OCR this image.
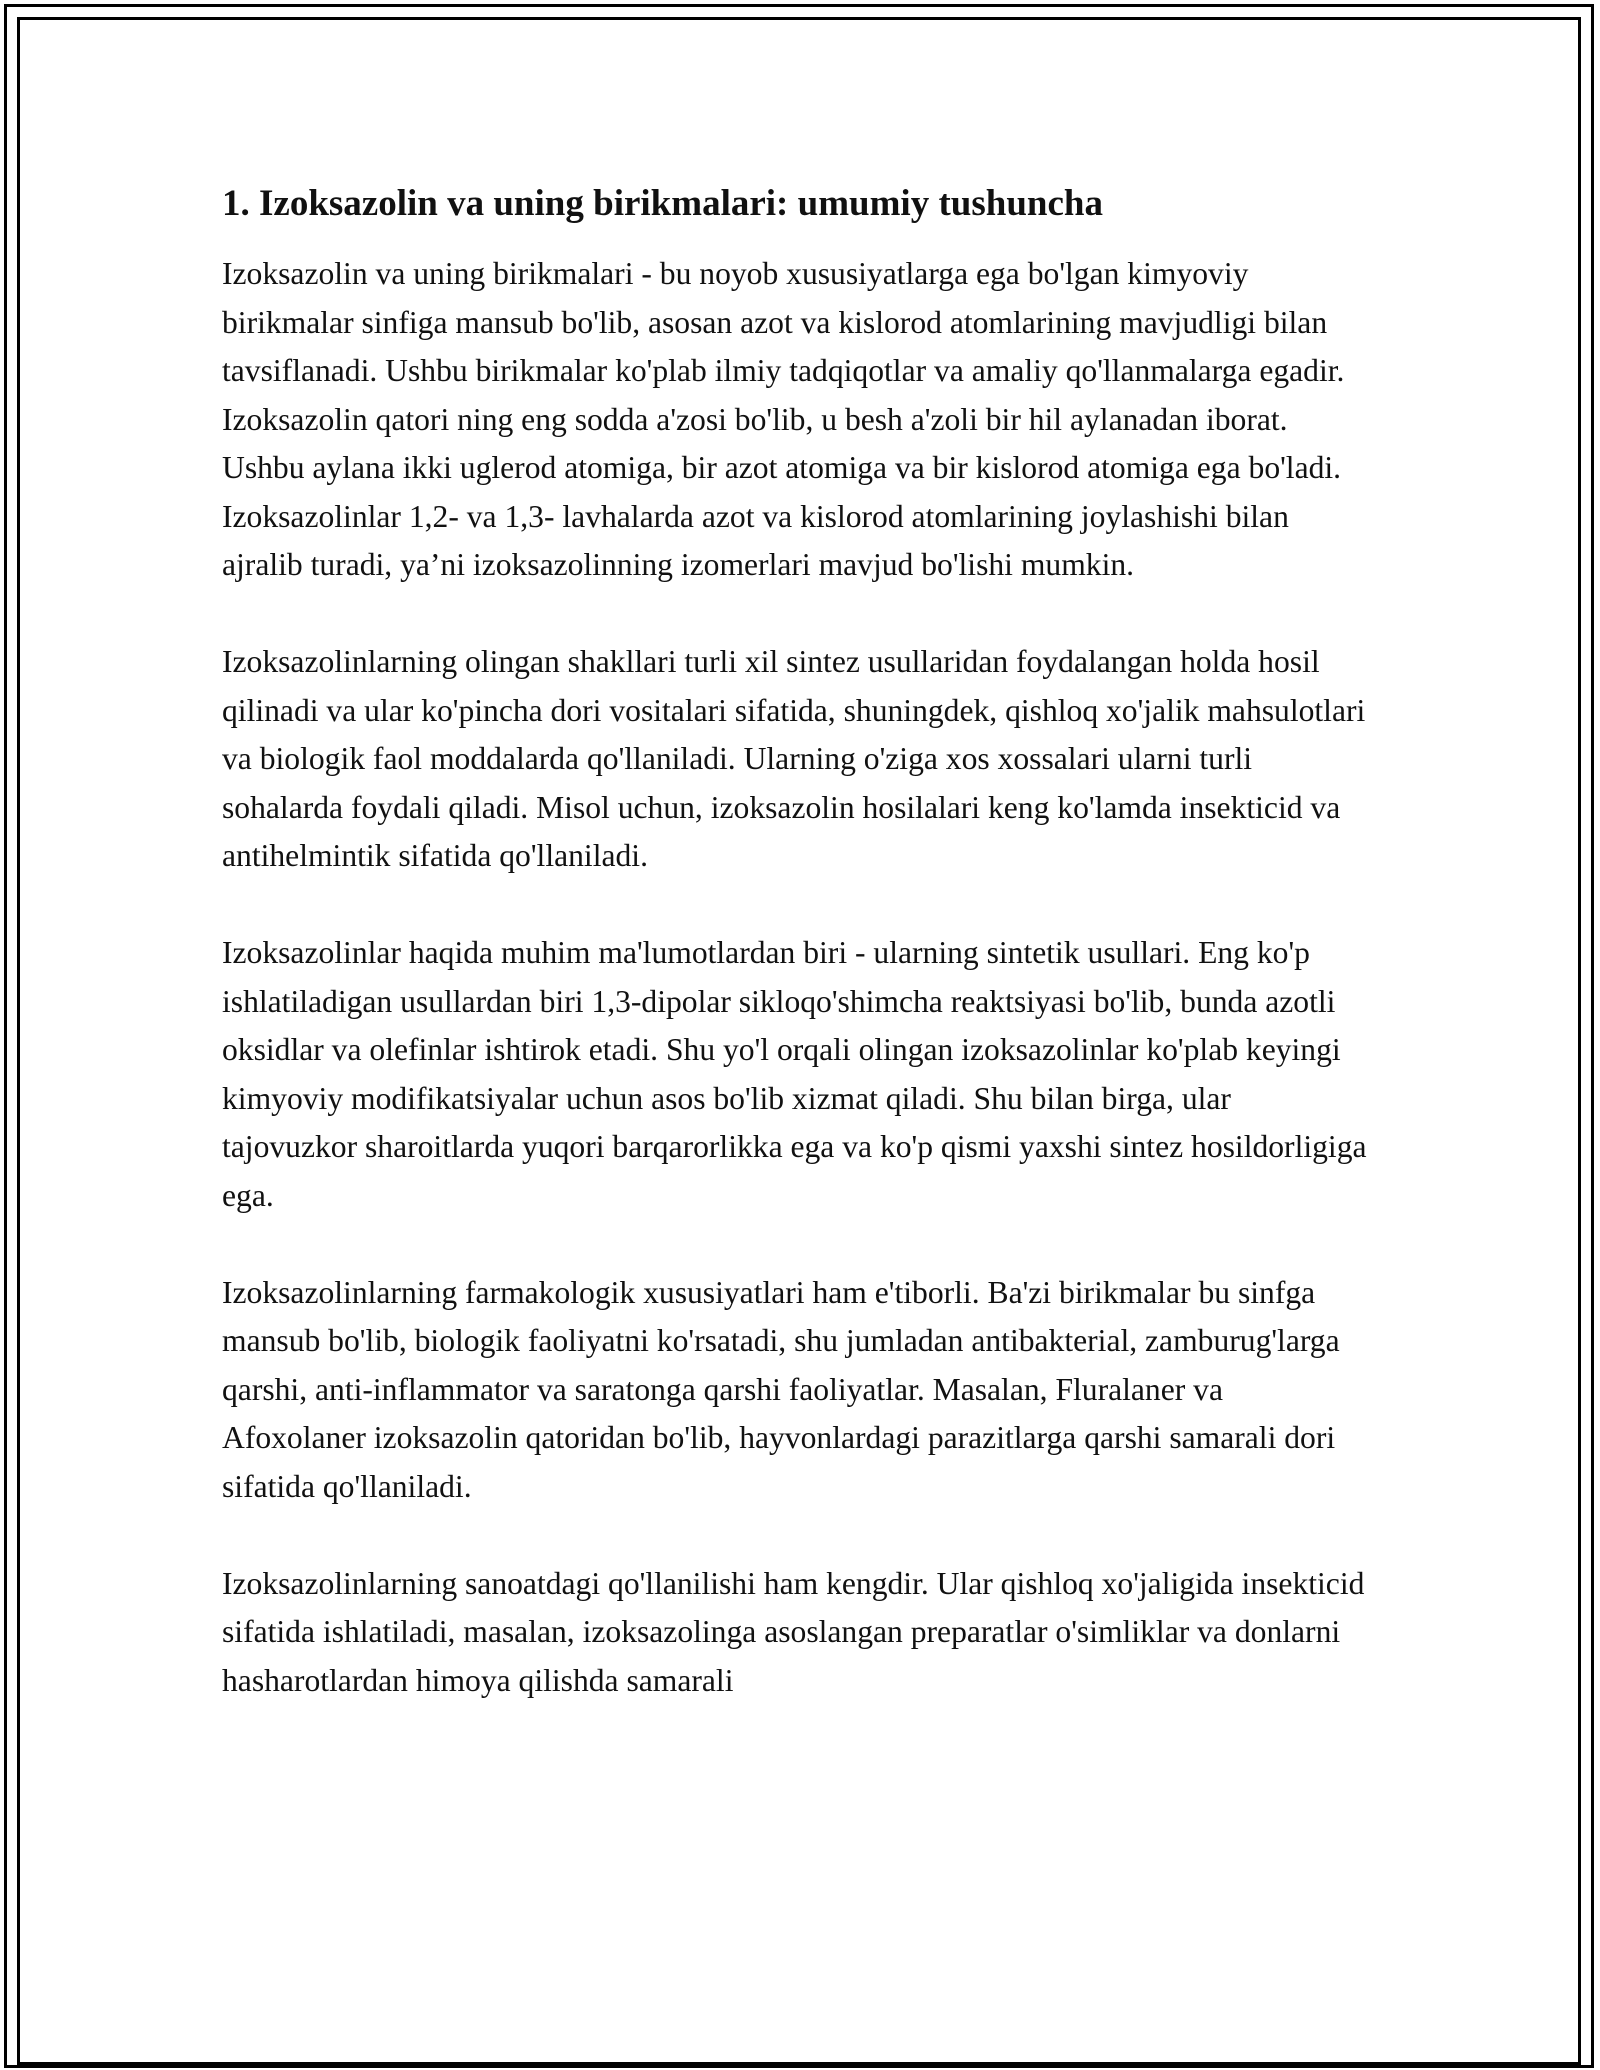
1. Izoksazolin va uning birikmalari: umumiy tushuncha

Izoksazolin va uning birikmalari - bu noyob xususiyatlarga ega bo'lgan kimyoviy birikmalar sinfiga mansub bo'lib, asosan azot va kislorod atomlarining mavjudligi bilan tavsiflanadi. Ushbu birikmalar ko'plab ilmiy tadqiqotlar va amaliy qo'llanmalarga egadir. Izoksazolin qatori ning eng sodda a'zosi bo'lib, u besh a'zoli bir hil aylanadan iborat. Ushbu aylana ikki uglerod atomiga, bir azot atomiga va bir kislorod atomiga ega bo'ladi. Izoksazolinlar 1,2- va 1,3- lavhalarda azot va kislorod atomlarining joylashishi bilan ajralib turadi, ya’ni izoksazolinning izomerlari mavjud bo'lishi mumkin.

Izoksazolinlarning olingan shakllari turli xil sintez usullaridan foydalangan holda hosil qilinadi va ular ko'pincha dori vositalari sifatida, shuningdek, qishloq xo'jalik mahsulotlari va biologik faol moddalarda qo'llaniladi. Ularning o'ziga xos xossalari ularni turli sohalarda foydali qiladi. Misol uchun, izoksazolin hosilalari keng ko'lamda insekticid va antihelmintik sifatida qo'llaniladi.

Izoksazolinlar haqida muhim ma'lumotlardan biri - ularning sintetik usullari. Eng ko'p ishlatiladigan usullardan biri 1,3-dipolar sikloqo'shimcha reaktsiyasi bo'lib, bunda azotli oksidlar va olefinlar ishtirok etadi. Shu yo'l orqali olingan izoksazolinlar ko'plab keyingi kimyoviy modifikatsiyalar uchun asos bo'lib xizmat qiladi. Shu bilan birga, ular tajovuzkor sharoitlarda yuqori barqarorlikka ega va ko'p qismi yaxshi sintez hosildorligiga ega.

Izoksazolinlarning farmakologik xususiyatlari ham e'tiborli. Ba'zi birikmalar bu sinfga mansub bo'lib, biologik faoliyatni ko'rsatadi, shu jumladan antibakterial, zamburug'larga qarshi, anti-inflammator va saratonga qarshi faoliyatlar. Masalan, Fluralaner va Afoxolaner izoksazolin qatoridan bo'lib, hayvonlardagi parazitlarga qarshi samarali dori sifatida qo'llaniladi.

Izoksazolinlarning sanoatdagi qo'llanilishi ham kengdir. Ular qishloq xo'jaligida insekticid sifatida ishlatiladi, masalan, izoksazolinga asoslangan preparatlar o'simliklar va donlarni hasharotlardan himoya qilishda samarali
